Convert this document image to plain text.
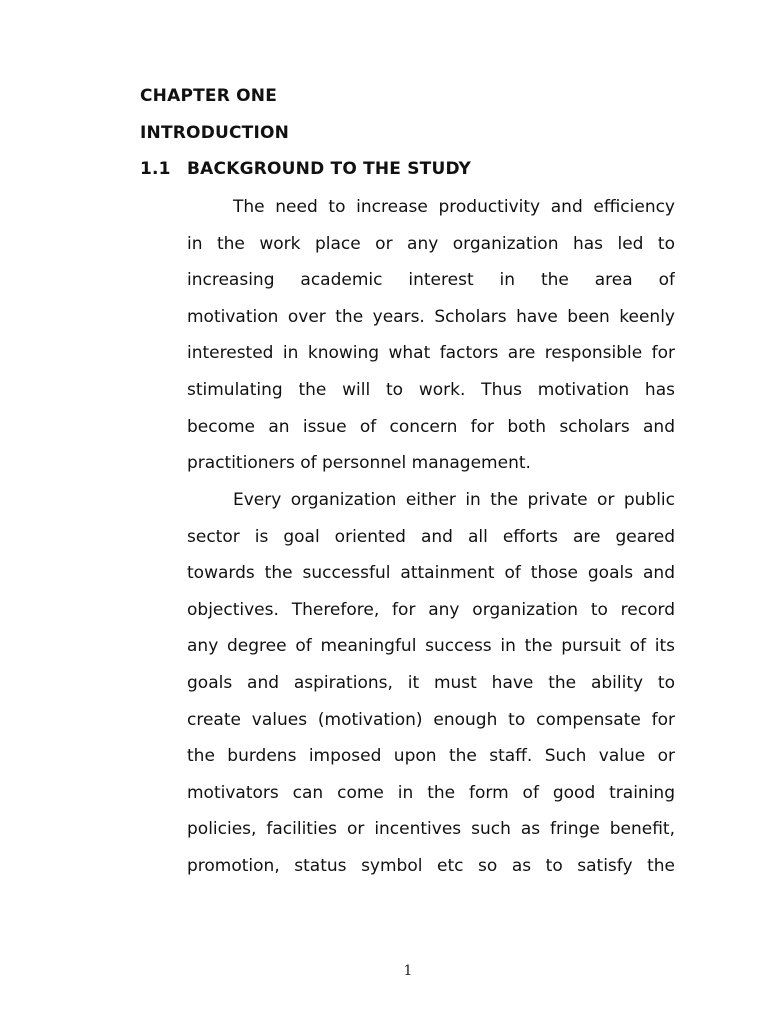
CHAPTER ONE
INTRODUCTION
1.1 BACKGROUND TO THE STUDY
The need to increase productivity and efficiency
in the work place or any organization has led to
increasing academic interest in the area of
motivation over the years. Scholars have been keenly
interested in knowing what factors are responsible for
stimulating the will to work. Thus motivation has
become an issue of concern for both scholars and
practitioners of personnel management.
Every organization either in the private or public
sector is goal oriented and all efforts are geared
towards the successful attainment of those goals and
objectives. Therefore, for any organization to record
any degree of meaningful success in the pursuit of its
goals and aspirations, it must have the ability to
create values (motivation) enough to compensate for
the burdens imposed upon the staff. Such value or
motivators can come in the form of good training
policies, facilities or incentives such as fringe benefit,
promotion, status symbol etc so as to satisfy the
1
